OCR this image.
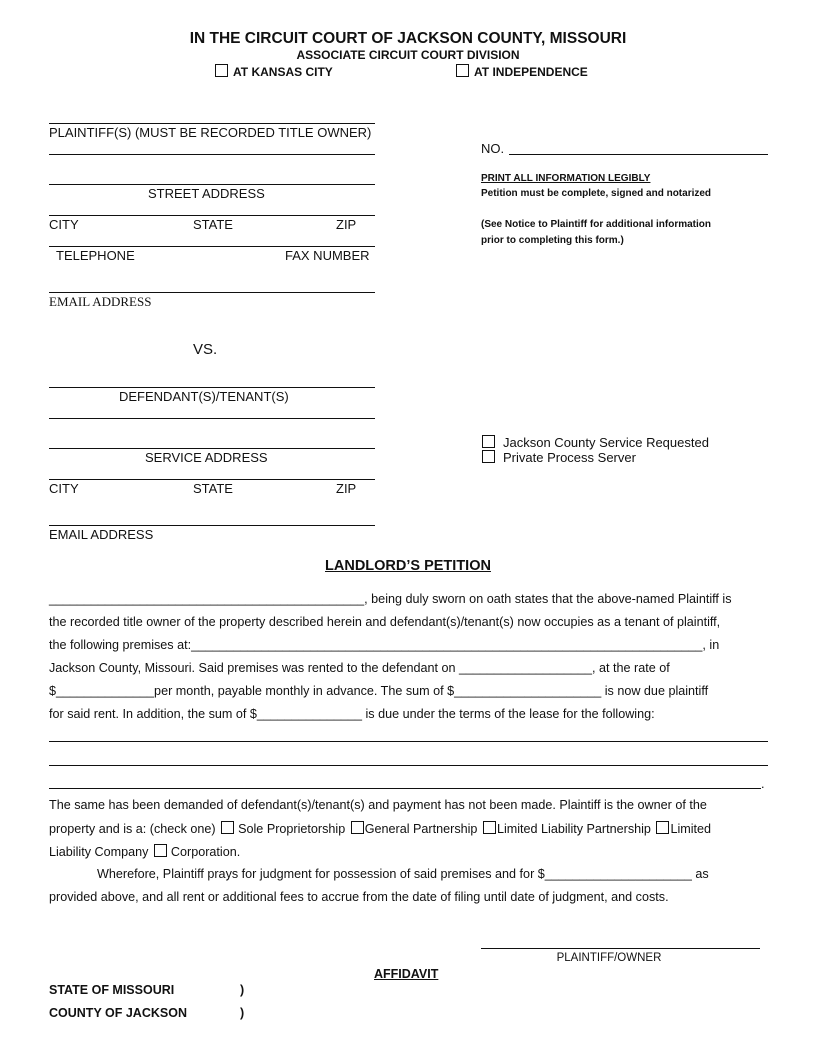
IN THE CIRCUIT COURT OF JACKSON COUNTY, MISSOURI
ASSOCIATE CIRCUIT COURT DIVISION
AT KANSAS CITY	AT INDEPENDENCE
PLAINTIFF(S) (MUST BE RECORDED TITLE OWNER)
STREET ADDRESS
CITY	STATE	ZIP
TELEPHONE	FAX NUMBER
EMAIL ADDRESS
NO.
PRINT ALL INFORMATION LEGIBLY
Petition must be complete, signed and notarized
(See Notice to Plaintiff for additional information
prior to completing this form.)
VS.
DEFENDANT(S)/TENANT(S)
SERVICE ADDRESS
CITY	STATE	ZIP
EMAIL ADDRESS
Jackson County Service Requested
Private Process Server
LANDLORD’S PETITION
_____________________________________________, being duly sworn on oath states that the above-named Plaintiff is
the recorded title owner of the property described herein and defendant(s)/tenant(s) now occupies as a tenant of plaintiff,
the following premises at:_________________________________________________________________________, in
Jackson County, Missouri. Said premises was rented to the defendant on ___________________, at the rate of
$______________per month, payable monthly in advance. The sum of $_____________________ is now due plaintiff
for said rent. In addition, the sum of $_______________ is due under the terms of the lease for the following:
.
The same has been demanded of defendant(s)/tenant(s) and payment has not been made. Plaintiff is the owner of the
property and is a: (check one) Sole Proprietorship General Partnership Limited Liability Partnership Limited
Liability Company Corporation.
Wherefore, Plaintiff prays for judgment for possession of said premises and for $_____________________ as
provided above, and all rent or additional fees to accrue from the date of filing until date of judgment, and costs.
PLAINTIFF/OWNER
AFFIDAVIT
STATE OF MISSOURI	)
COUNTY OF JACKSON	)
